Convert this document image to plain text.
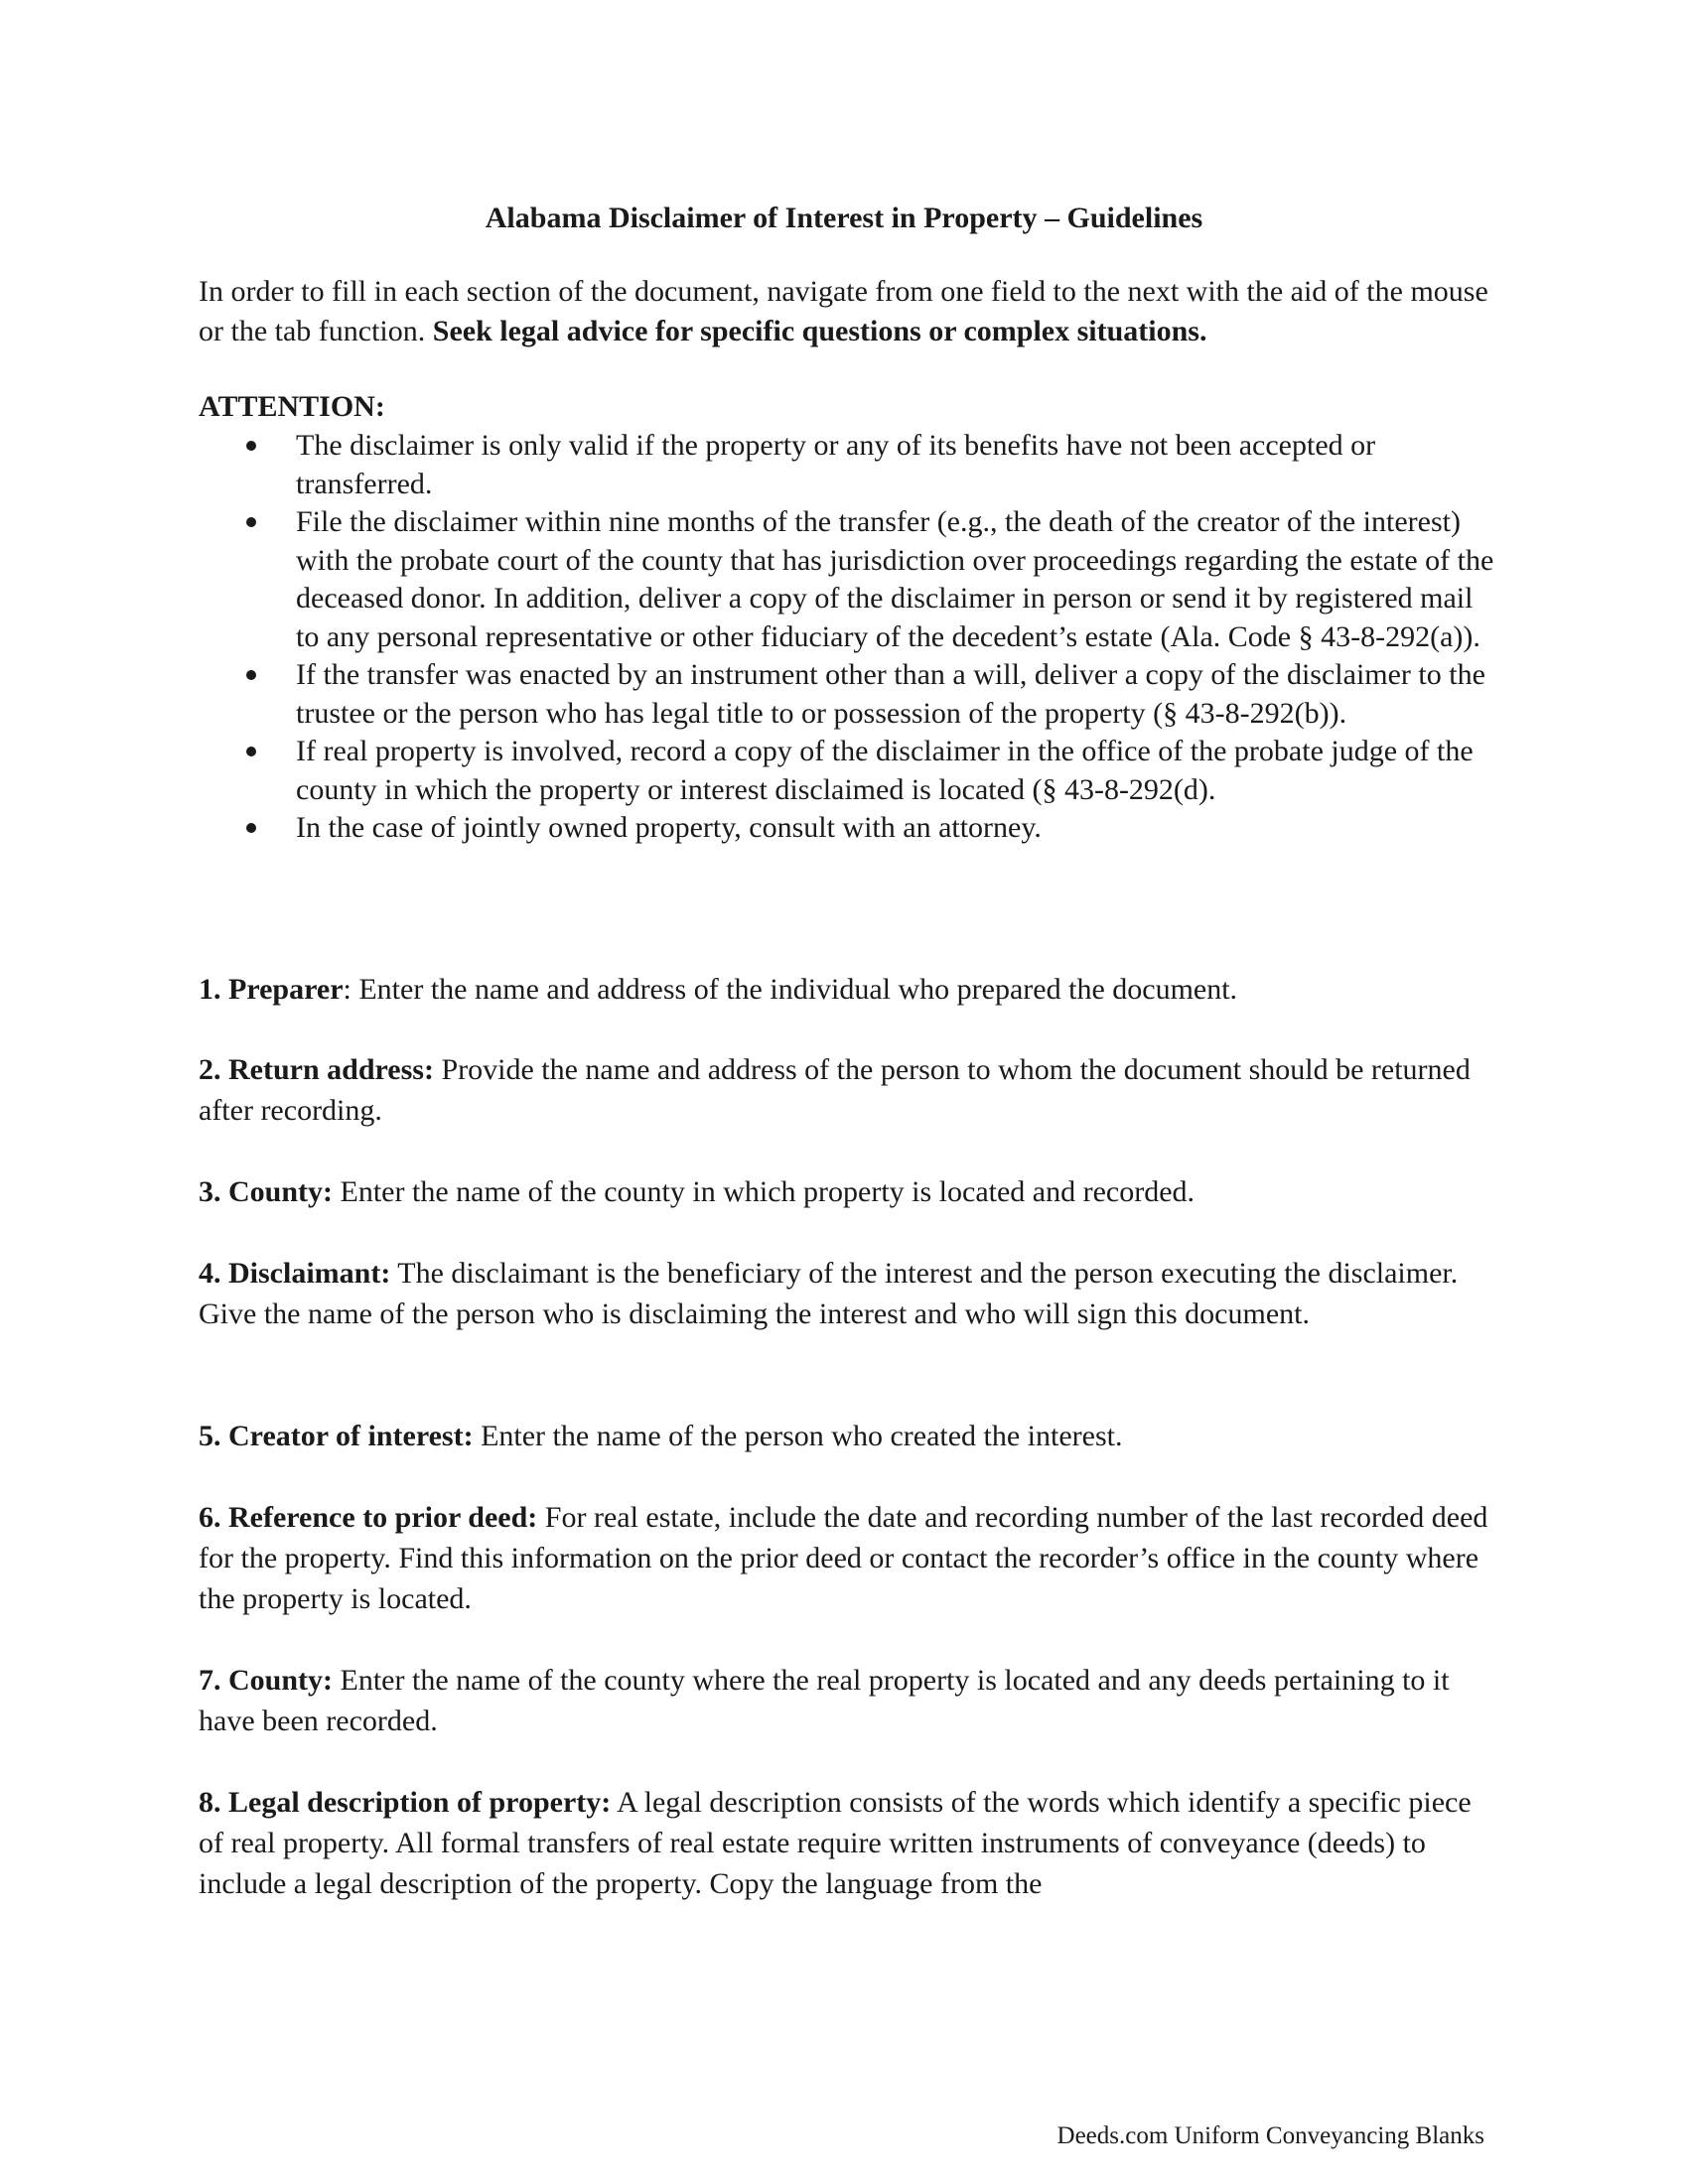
Alabama Disclaimer of Interest in Property – Guidelines
In order to fill in each section of the document, navigate from one field to the next with the aid of the mouse or the tab function. Seek legal advice for specific questions or complex situations.
ATTENTION:
The disclaimer is only valid if the property or any of its benefits have not been accepted or transferred.
File the disclaimer within nine months of the transfer (e.g., the death of the creator of the interest) with the probate court of the county that has jurisdiction over proceedings regarding the estate of the deceased donor. In addition, deliver a copy of the disclaimer in person or send it by registered mail to any personal representative or other fiduciary of the decedent’s estate (Ala. Code § 43-8-292(a)).
If the transfer was enacted by an instrument other than a will, deliver a copy of the disclaimer to the trustee or the person who has legal title to or possession of the property (§ 43-8-292(b)).
If real property is involved, record a copy of the disclaimer in the office of the probate judge of the county in which the property or interest disclaimed is located (§ 43-8-292(d).
In the case of jointly owned property, consult with an attorney.
1. Preparer: Enter the name and address of the individual who prepared the document.
2. Return address: Provide the name and address of the person to whom the document should be returned after recording.
3. County: Enter the name of the county in which property is located and recorded.
4. Disclaimant: The disclaimant is the beneficiary of the interest and the person executing the disclaimer. Give the name of the person who is disclaiming the interest and who will sign this document.
5. Creator of interest: Enter the name of the person who created the interest.
6. Reference to prior deed: For real estate, include the date and recording number of the last recorded deed for the property. Find this information on the prior deed or contact the recorder’s office in the county where the property is located.
7. County: Enter the name of the county where the real property is located and any deeds pertaining to it have been recorded.
8. Legal description of property: A legal description consists of the words which identify a specific piece of real property. All formal transfers of real estate require written instruments of conveyance (deeds) to include a legal description of the property. Copy the language from the
Deeds.com Uniform Conveyancing Blanks
